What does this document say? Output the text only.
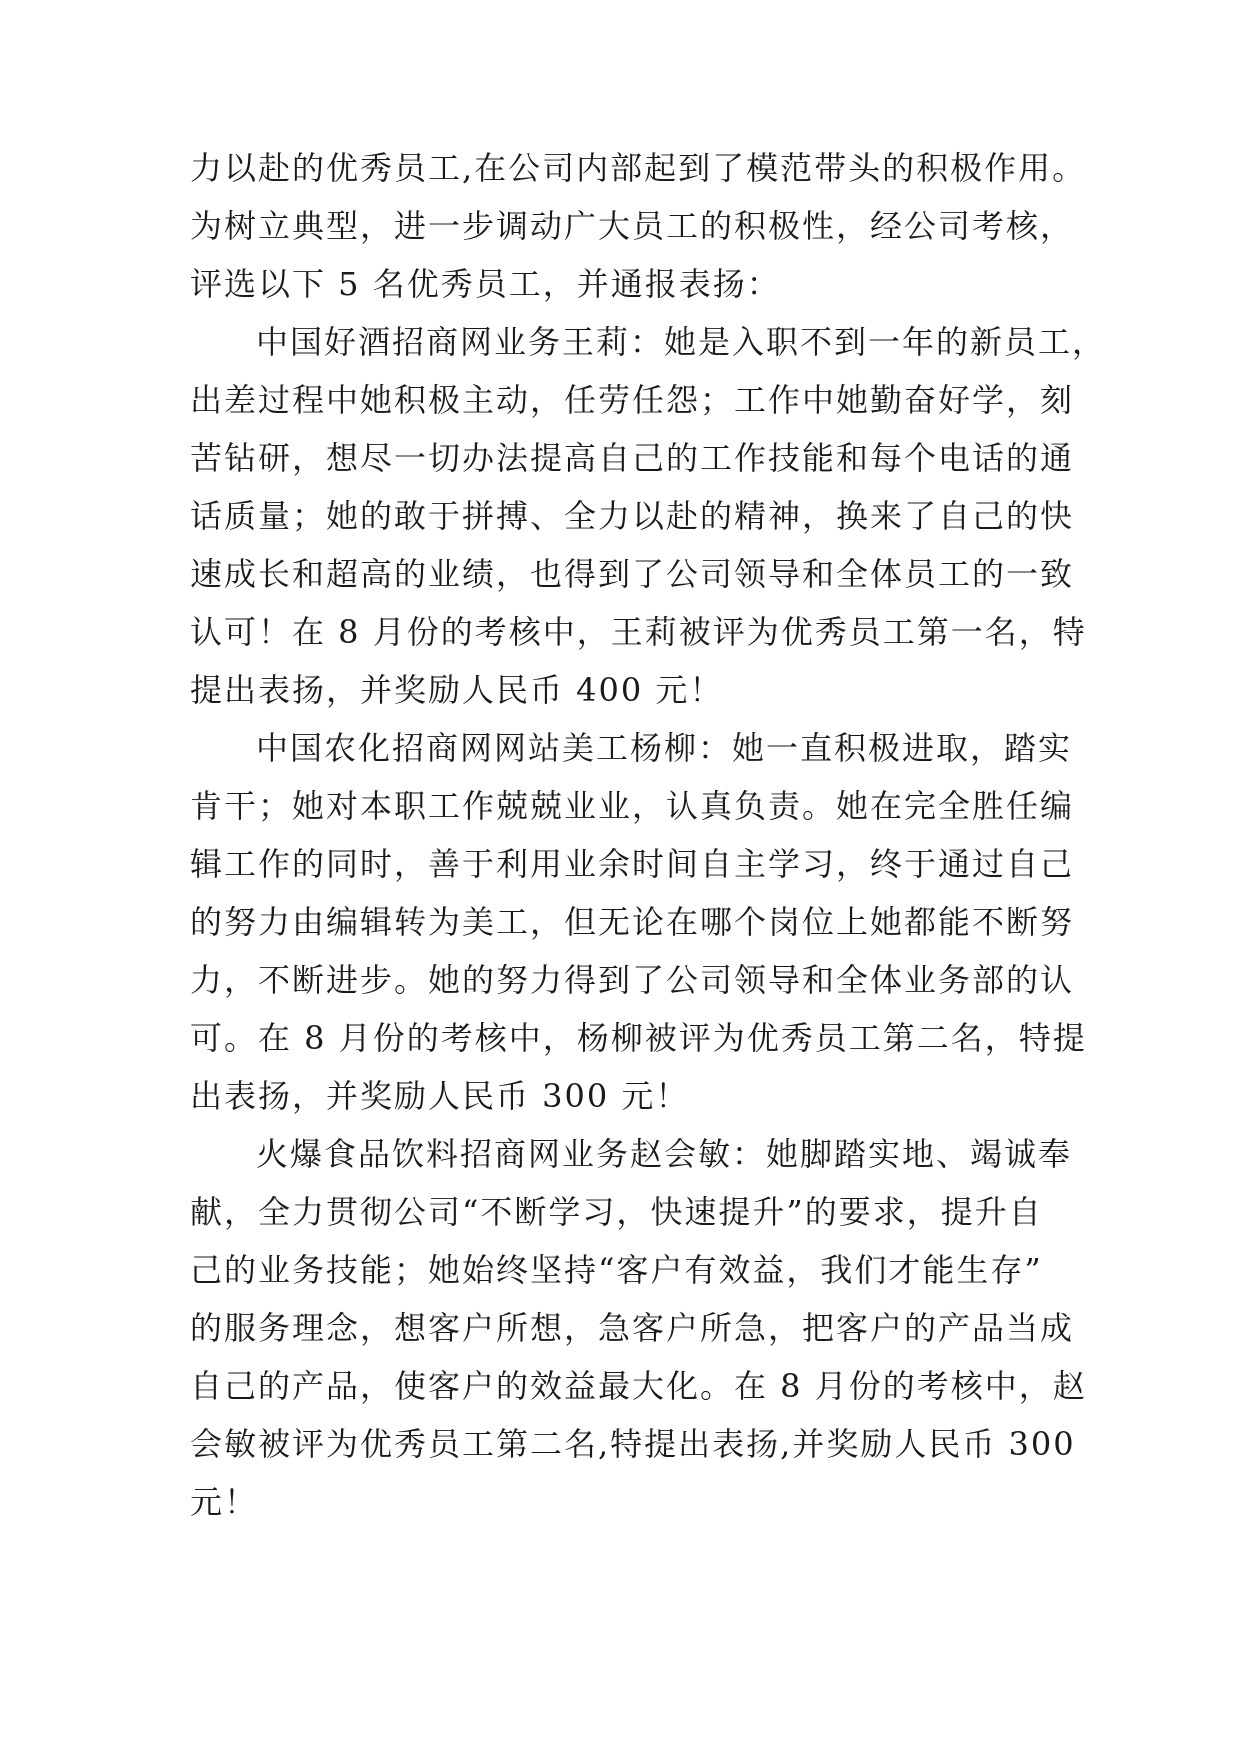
力以赴的优秀员工,在公司内部起到了模范带头的积极作用。

为树立典型，进一步调动广大员工的积极性，经公司考核，

评选以下 5 名优秀员工，并通报表扬：

中国好酒招商网业务王莉：她是入职不到一年的新员工，

出差过程中她积极主动，任劳任怨；工作中她勤奋好学，刻

苦钻研，想尽一切办法提高自己的工作技能和每个电话的通

话质量；她的敢于拼搏、全力以赴的精神，换来了自己的快

速成长和超高的业绩，也得到了公司领导和全体员工的一致

认可！在 8 月份的考核中，王莉被评为优秀员工第一名，特

提出表扬，并奖励人民币 400 元！

中国农化招商网网站美工杨柳：她一直积极进取，踏实

肯干；她对本职工作兢兢业业，认真负责。她在完全胜任编

辑工作的同时，善于利用业余时间自主学习，终于通过自己

的努力由编辑转为美工，但无论在哪个岗位上她都能不断努

力，不断进步。她的努力得到了公司领导和全体业务部的认

可。在 8 月份的考核中，杨柳被评为优秀员工第二名，特提

出表扬，并奖励人民币 300 元！

火爆食品饮料招商网业务赵会敏：她脚踏实地、竭诚奉

献，全力贯彻公司“不断学习，快速提升”的要求，提升自

己的业务技能；她始终坚持“客户有效益，我们才能生存”

的服务理念，想客户所想，急客户所急，把客户的产品当成

自己的产品，使客户的效益最大化。在 8 月份的考核中，赵

会敏被评为优秀员工第二名,特提出表扬,并奖励人民币 300

元！
